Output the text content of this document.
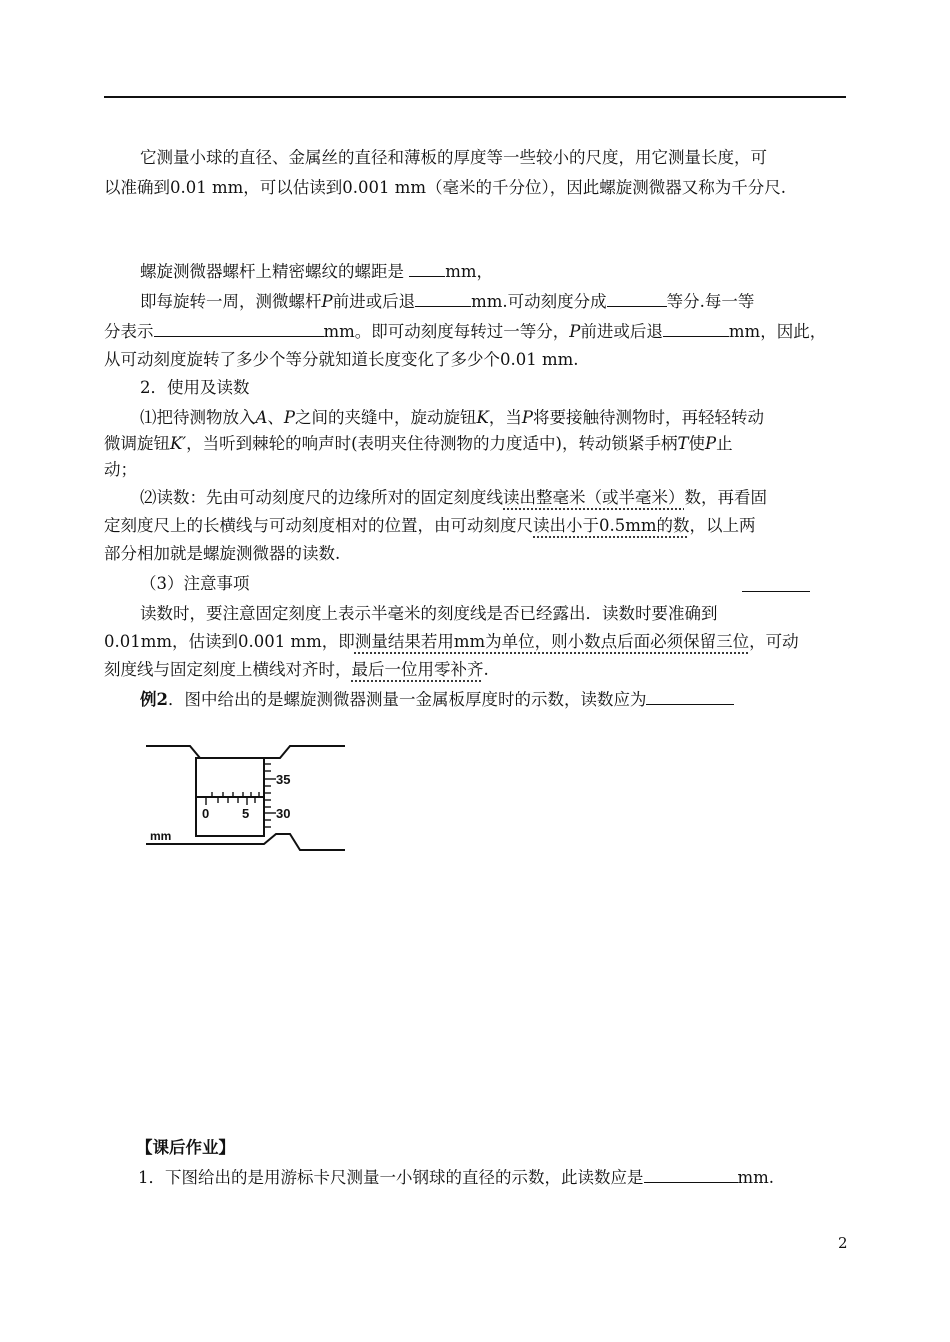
它测量小球的直径、金属丝的直径和薄板的厚度等一些较小的尺度，用它测量长度，可
以准确到0.01 mm，可以估读到0.001 mm（毫米的千分位），因此螺旋测微器又称为千分尺.
螺旋测微器螺杆上精密螺纹的螺距是 mm，
即每旋转一周，测微螺杆P前进或后退	mm.可动刻度分成	等分.每一等
分表示	mm。即可动刻度每转过一等分，P前进或后退	mm，因此，
从可动刻度旋转了多少个等分就知道长度变化了多少个0.01 mm.
2．使用及读数
⑴把待测物放入A、P之间的夹缝中，旋动旋钮K，当P将要接触待测物时，再轻轻转动
微调旋钮K′，当听到棘轮的响声时(表明夹住待测物的力度适中)，转动锁紧手柄T使P止
动；
⑵读数：先由可动刻度尺的边缘所对的固定刻度线读出整毫米（或半毫米）数，再看固
定刻度尺上的长横线与可动刻度相对的位置，由可动刻度尺读出小于0.5mm的数，以上两
部分相加就是螺旋测微器的读数.
（3）注意事项
读数时，要注意固定刻度上表示半毫米的刻度线是否已经露出．读数时要准确到
0.01mm，估读到0.001 mm，即测量结果若用mm为单位，则小数点后面必须保留三位，可动
刻度线与固定刻度上横线对齐时，最后一位用零补齐.
例2．图中给出的是螺旋测微器测量一金属板厚度时的示数，读数应为
35
30
0	5
mm
【课后作业】
1．下图给出的是用游标卡尺测量一小钢球的直径的示数，此读数应是	mm.
2
